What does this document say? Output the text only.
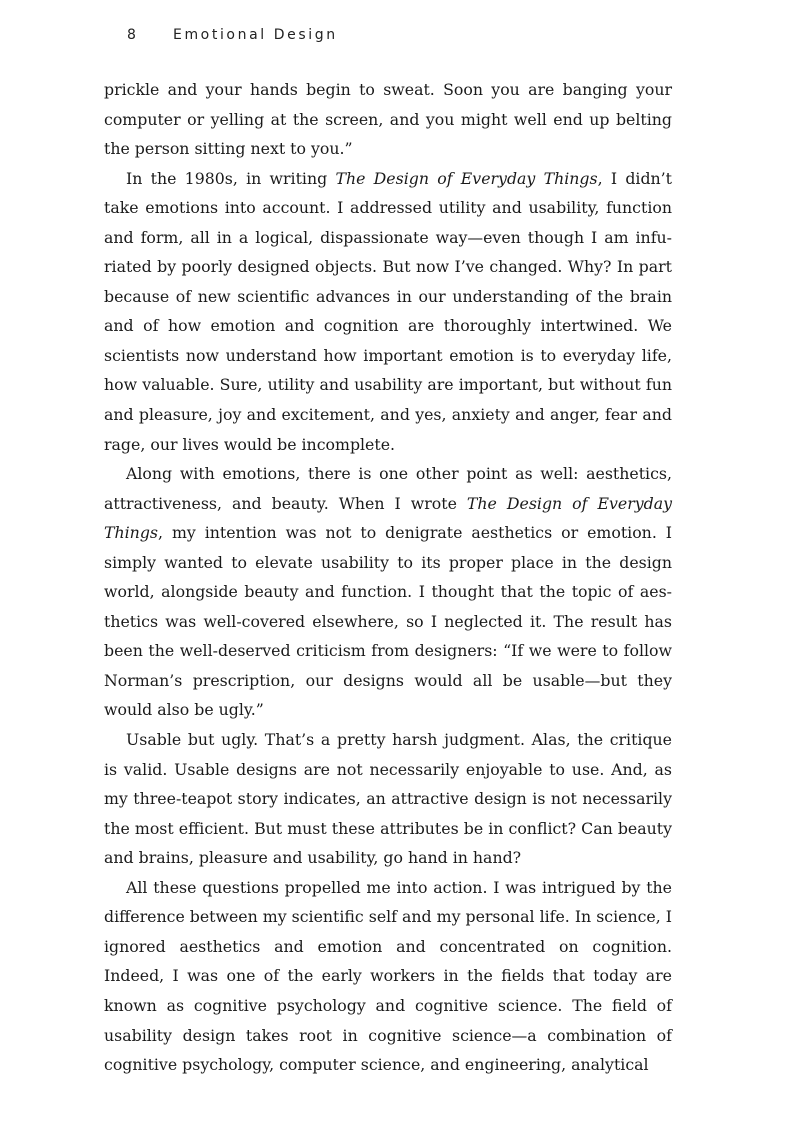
8	Emotional Design

prickle and your hands begin to sweat. Soon you are banging your computer or yelling at the screen, and you might well end up belting the person sitting next to you.”

In the 1980s, in writing The Design of Everyday Things, I didn’t take emotions into account. I addressed utility and usability, function and form, all in a logical, dispassionate way—even though I am infuriated by poorly designed objects. But now I’ve changed. Why? In part because of new scientific advances in our understanding of the brain and of how emotion and cognition are thoroughly intertwined. We scientists now understand how important emotion is to everyday life, how valuable. Sure, utility and usability are important, but without fun and pleasure, joy and excitement, and yes, anxiety and anger, fear and rage, our lives would be incomplete.

Along with emotions, there is one other point as well: aesthetics, attractiveness, and beauty. When I wrote The Design of Everyday Things, my intention was not to denigrate aesthetics or emotion. I simply wanted to elevate usability to its proper place in the design world, alongside beauty and function. I thought that the topic of aesthetics was well-covered elsewhere, so I neglected it. The result has been the well-deserved criticism from designers: “If we were to follow Norman’s prescription, our designs would all be usable—but they would also be ugly.”

Usable but ugly. That’s a pretty harsh judgment. Alas, the critique is valid. Usable designs are not necessarily enjoyable to use. And, as my three-teapot story indicates, an attractive design is not necessarily the most efficient. But must these attributes be in conflict? Can beauty and brains, pleasure and usability, go hand in hand?

All these questions propelled me into action. I was intrigued by the difference between my scientific self and my personal life. In science, I ignored aesthetics and emotion and concentrated on cognition. Indeed, I was one of the early workers in the fields that today are known as cognitive psychology and cognitive science. The field of usability design takes root in cognitive science—a combination of cognitive psychology, computer science, and engineering, analytical
